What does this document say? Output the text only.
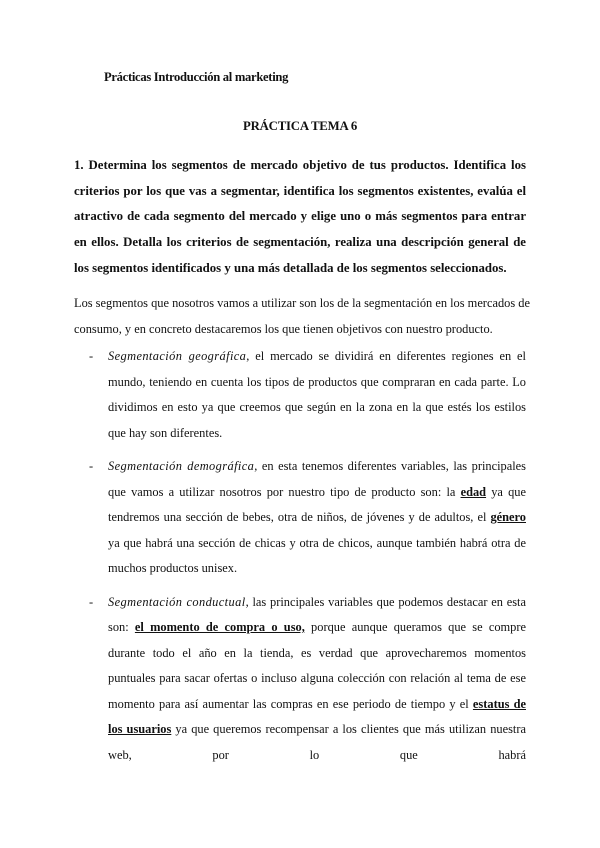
Prácticas Introducción al marketing
PRÁCTICA TEMA 6
1. Determina los segmentos de mercado objetivo de tus productos. Identifica los criterios por los que vas a segmentar, identifica los segmentos existentes, evalúa el atractivo de cada segmento del mercado y elige uno o más segmentos para entrar en ellos. Detalla los criterios de segmentación, realiza una descripción general de los segmentos identificados y una más detallada de los segmentos seleccionados.
Los segmentos que nosotros vamos a utilizar son los de la segmentación en los mercados de
consumo, y en concreto destacaremos los que tienen objetivos con nuestro producto.
- Segmentación geográfica, el mercado se dividirá en diferentes regiones en el mundo, teniendo en cuenta los tipos de productos que compraran en cada parte. Lo dividimos en esto ya que creemos que según en la zona en la que estés los estilos que hay son diferentes.
- Segmentación demográfica, en esta tenemos diferentes variables, las principales que vamos a utilizar nosotros por nuestro tipo de producto son: la edad ya que tendremos una sección de bebes, otra de niños, de jóvenes y de adultos, el género ya que habrá una sección de chicas y otra de chicos, aunque también habrá otra de muchos productos unisex.
- Segmentación conductual, las principales variables que podemos destacar en esta son: el momento de compra o uso, porque aunque queramos que se compre durante todo el año en la tienda, es verdad que aprovecharemos momentos puntuales para sacar ofertas o incluso alguna colección con relación al tema de ese momento para así aumentar las compras en ese periodo de tiempo y el estatus de los usuarios ya que queremos recompensar a los clientes que más utilizan nuestra web, por lo que habrá
